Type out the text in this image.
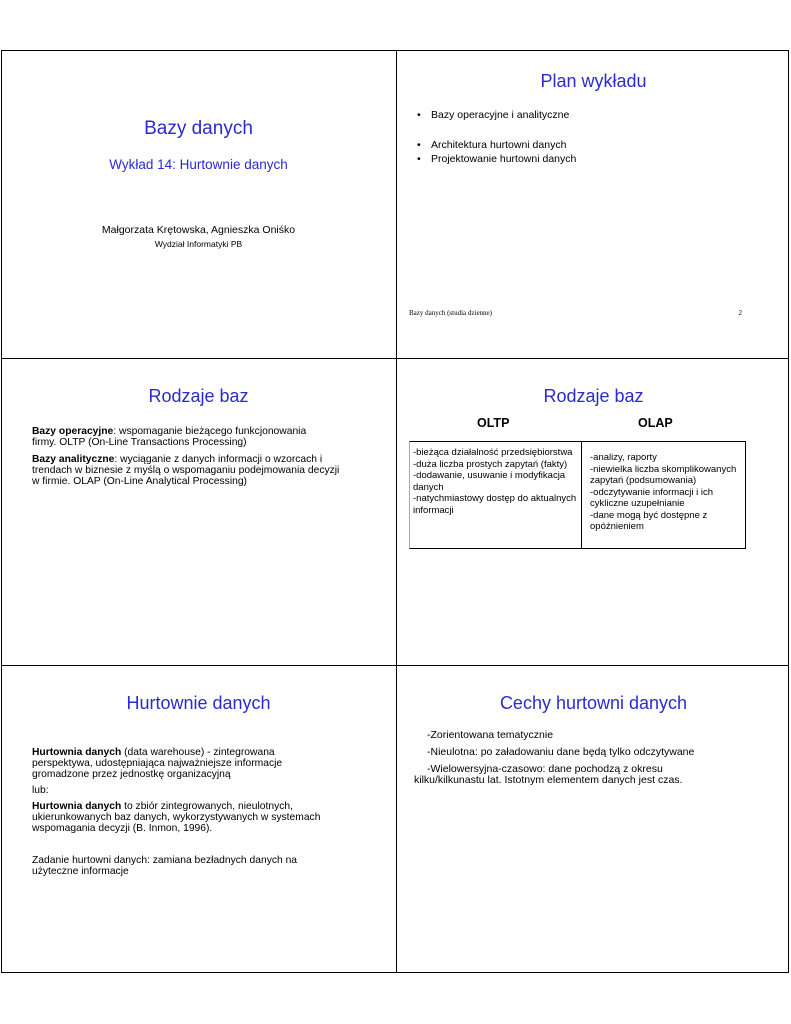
Bazy danych
Wykład 14: Hurtownie danych
Małgorzata Krętowska, Agnieszka Oniśko
Wydział Informatyki PB
Plan wykładu
• Bazy operacyjne i analityczne
• Architektura hurtowni danych
• Projektowanie hurtowni danych
Bazy danych (studia dzienne)	2
Rodzaje baz
Bazy operacyjne: wspomaganie bieżącego funkcjonowania firmy. OLTP (On-Line Transactions Processing)
Bazy analityczne: wyciąganie z danych informacji o wzorcach i trendach w biznesie z myślą o wspomaganiu podejmowania decyzji w firmie. OLAP (On-Line Analytical Processing)
Rodzaje baz
OLTP	OLAP
-bieżąca działalność przedsiębiorstwa
-duża liczba prostych zapytań (fakty)
-dodawanie, usuwanie i modyfikacja danych
-natychmiastowy dostęp do aktualnych informacji
-analizy, raporty
-niewielka liczba skomplikowanych zapytań (podsumowania)
-odczytywanie informacji i ich cykliczne uzupełnianie
-dane mogą być dostępne z opóźnieniem
Hurtownie danych
Hurtownia danych (data warehouse) - zintegrowana perspektywa, udostępniająca najważniejsze informacje gromadzone przez jednostkę organizacyjną
lub:
Hurtownia danych to zbiór zintegrowanych, nieulotnych, ukierunkowanych baz danych, wykorzystywanych w systemach wspomagania decyzji (B. Inmon, 1996).
Zadanie hurtowni danych: zamiana bezładnych danych na użyteczne informacje
Cechy hurtowni danych
-Zorientowana tematycznie
-Nieulotna: po załadowaniu dane będą tylko odczytywane
-Wielowersyjna-czasowo: dane pochodzą z okresu kilku/kilkunastu lat. Istotnym elementem danych jest czas.
